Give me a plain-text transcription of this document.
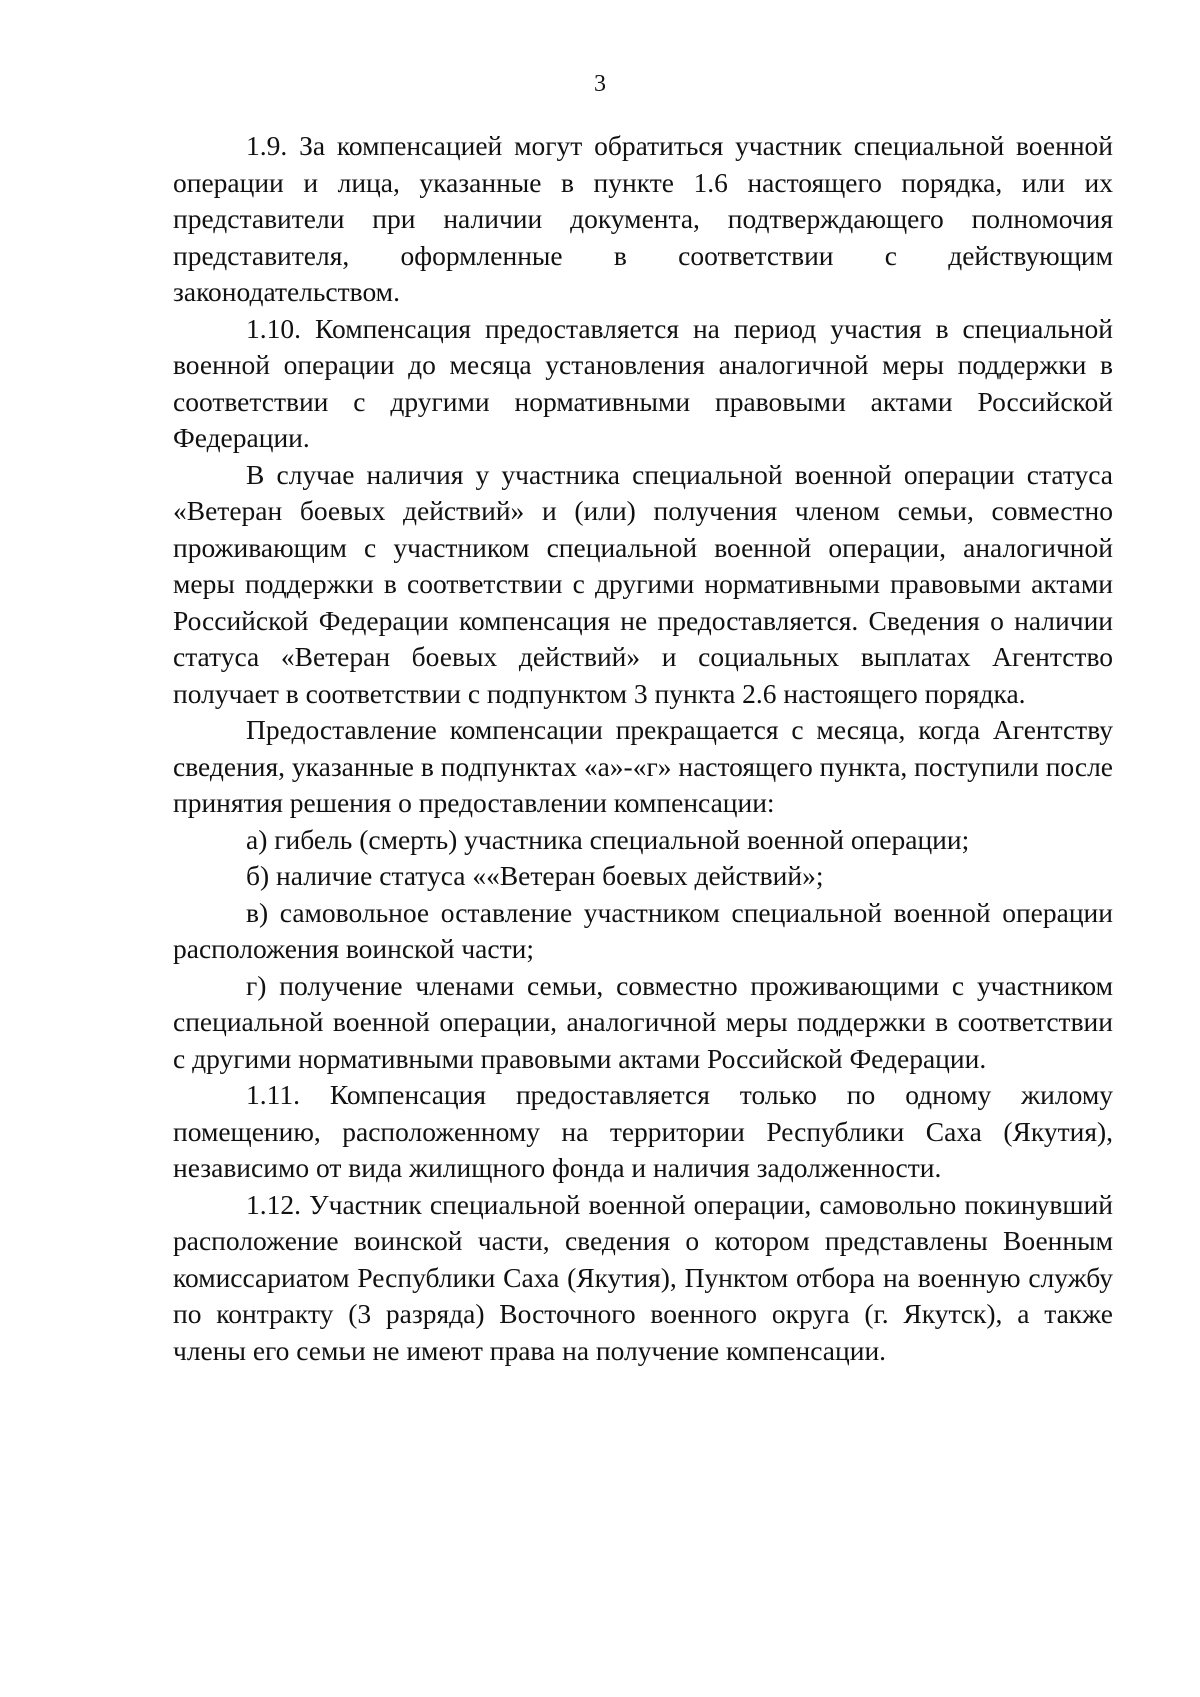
3

1.9. За компенсацией могут обратиться участник специальной военной операции и лица, указанные в пункте 1.6 настоящего порядка, или их представители при наличии документа, подтверждающего полномочия представителя, оформленные в соответствии с действующим законодательством.

1.10. Компенсация предоставляется на период участия в специальной военной операции до месяца установления аналогичной меры поддержки в соответствии с другими нормативными правовыми актами Российской Федерации.

В случае наличия у участника специальной военной операции статуса «Ветеран боевых действий» и (или) получения членом семьи, совместно проживающим с участником специальной военной операции, аналогичной меры поддержки в соответствии с другими нормативными правовыми актами Российской Федерации компенсация не предоставляется. Сведения о наличии статуса «Ветеран боевых действий» и социальных выплатах Агентство получает в соответствии с подпунктом 3 пункта 2.6 настоящего порядка.

Предоставление компенсации прекращается с месяца, когда Агентству сведения, указанные в подпунктах «а»-«г» настоящего пункта, поступили после принятия решения о предоставлении компенсации:

а) гибель (смерть) участника специальной военной операции;

б) наличие статуса ««Ветеран боевых действий»;

в) самовольное оставление участником специальной военной операции расположения воинской части;

г) получение членами семьи, совместно проживающими с участником специальной военной операции, аналогичной меры поддержки в соответствии с другими нормативными правовыми актами Российской Федерации.

1.11. Компенсация предоставляется только по одному жилому помещению, расположенному на территории Республики Саха (Якутия), независимо от вида жилищного фонда и наличия задолженности.

1.12. Участник специальной военной операции, самовольно покинувший расположение воинской части, сведения о котором представлены Военным комиссариатом Республики Саха (Якутия), Пунктом отбора на военную службу по контракту (3 разряда) Восточного военного округа (г. Якутск), а также члены его семьи не имеют права на получение компенсации.
